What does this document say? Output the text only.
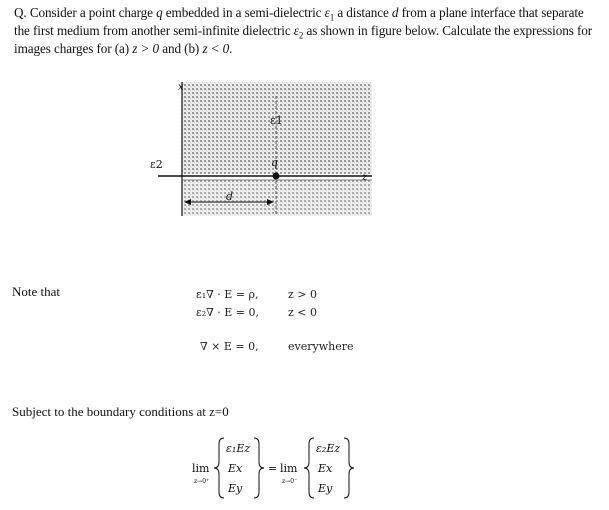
Q. Consider a point charge q embedded in a semi-dielectric $\varepsilon_1$ a distance d from a plane interface that separate the first medium from another semi-infinite dielectric $\varepsilon_2$ as shown in figure below. Calculate the expressions for images charges for (a) z > 0 and (b) z < 0.
x
z
ε1
ε2	q
d
Note that	ε₁∇ · E = ρ,	z > 0
ε₂∇ · E = 0,	z < 0
∇ × E = 0,	everywhere
Subject to the boundary conditions at z=0
lim
z→0⁺
ε₁Ez
Ex
Ey
= lim
z→0⁻
ε₂Ez
Ex
Ey
